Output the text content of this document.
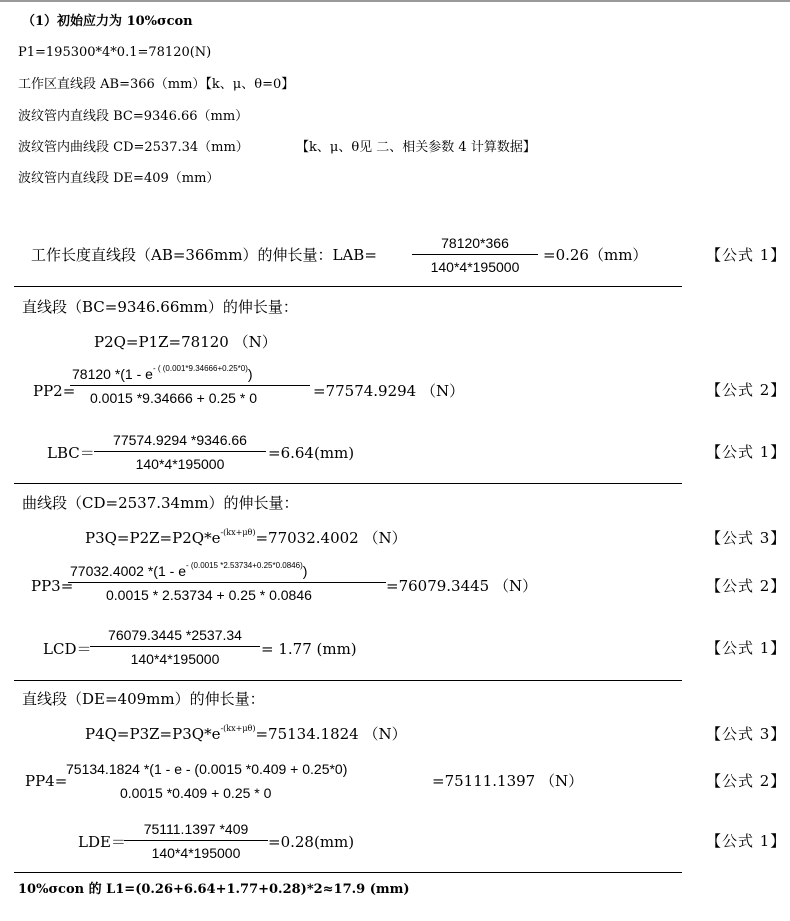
（1）初始应力为 10%σcon
P1=195300*4*0.1=78120(N)
工作区直线段 AB=366（mm）【k、μ、θ=0】
波纹管内直线段 BC=9346.66（mm）
波纹管内曲线段 CD=2537.34（mm）	【k、μ、θ见 二、相关参数 4 计算数据】
波纹管内直线段 DE=409（mm）
工作长度直线段（AB=366mm）的伸长量：LAB=
78120*366
140*4*195000
=0.26（mm）	【公式 1】
直线段（BC=9346.66mm）的伸长量：
P2Q=P1Z=78120 （N）
PP2=
78120 $*(1 - e^{- ( (0.001*9.34666+0.25*0)})$
0.0015 *9.34666 + 0.25 * 0	=77574.9294 （N）	【公式 2】
LBC＝
77574.9294 *9346.66
140*4*195000
=6.64(mm)	【公式 1】
曲线段（CD=2537.34mm）的伸长量：
$P3Q=P2Z=P2Q*e^{-(kx+\mu\theta)}=77032.4002$ （N）	【公式 3】
PP3=
77032.4002 $*(1 - e^{- (0.0015 *2.53734+0.25*0.0846)})$
0.0015 * 2.53734 + 0.25 * 0.0846	=76079.3445 （N）	【公式 2】
LCD＝
76079.3445 *2537.34
140*4*195000
= 1.77 (mm)	【公式 1】
直线段（DE=409mm）的伸长量：
$P4Q=P3Z=P3Q*e^{-(kx+\mu\theta)}=75134.1824$ （N）	【公式 3】
PP4=
75134.1824 *(1 - e - (0.0015 *0.409 + 0.25*0)
0.0015 *0.409 + 0.25 * 0
=75111.1397 （N）	【公式 2】
LDE＝
75111.1397 *409
140*4*195000
=0.28(mm)	【公式 1】
10%σcon 的 L1=(0.26+6.64+1.77+0.28)*2≈17.9 (mm)
